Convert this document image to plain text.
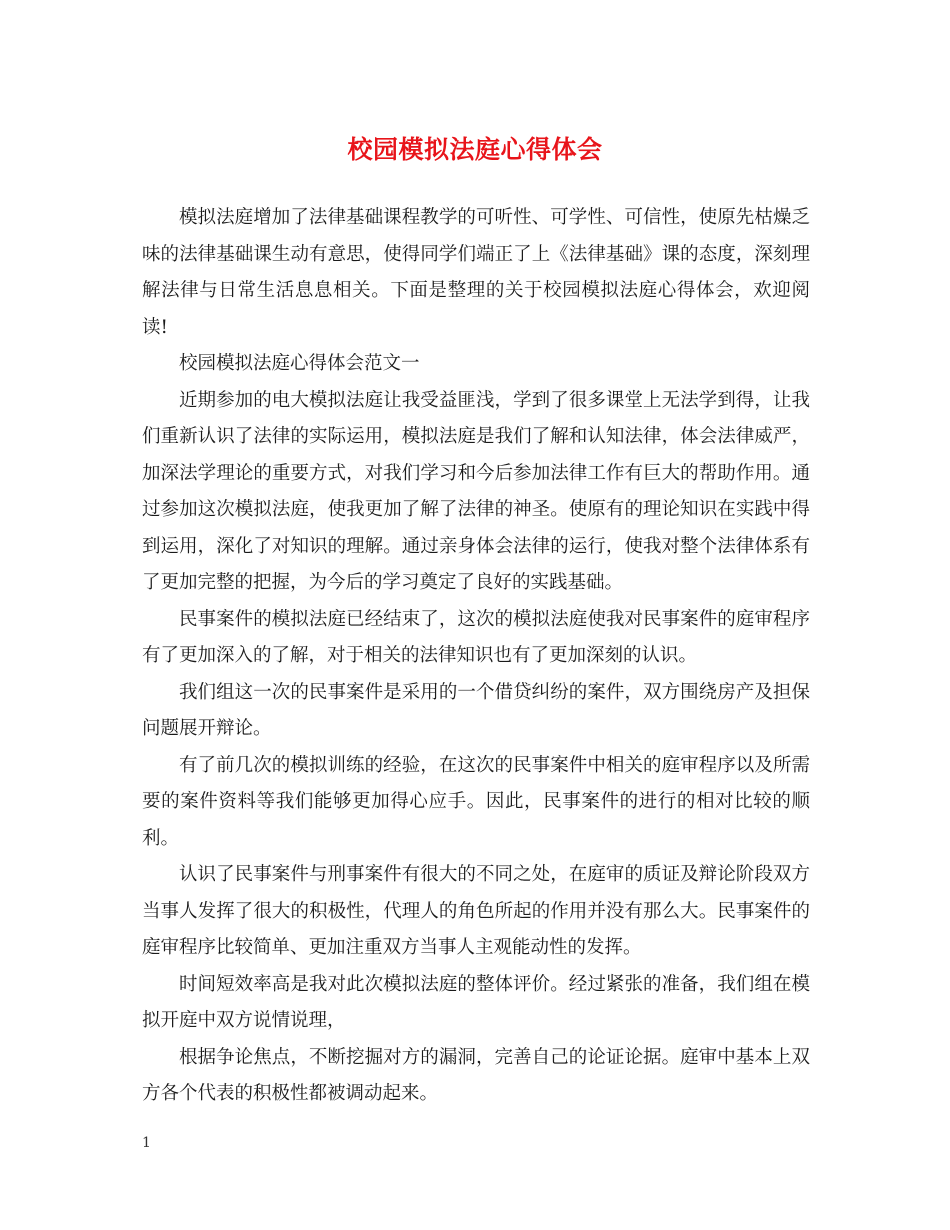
校园模拟法庭心得体会

模拟法庭增加了法律基础课程教学的可听性、可学性、可信性，使原先枯燥乏味的法律基础课生动有意思，使得同学们端正了上《法律基础》课的态度，深刻理解法律与日常生活息息相关。下面是整理的关于校园模拟法庭心得体会，欢迎阅读!

校园模拟法庭心得体会范文一

近期参加的电大模拟法庭让我受益匪浅，学到了很多课堂上无法学到得，让我们重新认识了法律的实际运用，模拟法庭是我们了解和认知法律，体会法律威严，加深法学理论的重要方式，对我们学习和今后参加法律工作有巨大的帮助作用。通过参加这次模拟法庭，使我更加了解了法律的神圣。使原有的理论知识在实践中得到运用，深化了对知识的理解。通过亲身体会法律的运行，使我对整个法律体系有了更加完整的把握，为今后的学习奠定了良好的实践基础。

民事案件的模拟法庭已经结束了，这次的模拟法庭使我对民事案件的庭审程序有了更加深入的了解，对于相关的法律知识也有了更加深刻的认识。

我们组这一次的民事案件是采用的一个借贷纠纷的案件，双方围绕房产及担保问题展开辩论。

有了前几次的模拟训练的经验，在这次的民事案件中相关的庭审程序以及所需要的案件资料等我们能够更加得心应手。因此，民事案件的进行的相对比较的顺利。

认识了民事案件与刑事案件有很大的不同之处，在庭审的质证及辩论阶段双方当事人发挥了很大的积极性，代理人的角色所起的作用并没有那么大。民事案件的庭审程序比较简单、更加注重双方当事人主观能动性的发挥。

时间短效率高是我对此次模拟法庭的整体评价。经过紧张的准备，我们组在模拟开庭中双方说情说理，

根据争论焦点，不断挖掘对方的漏洞，完善自己的论证论据。庭审中基本上双方各个代表的积极性都被调动起来。

1
